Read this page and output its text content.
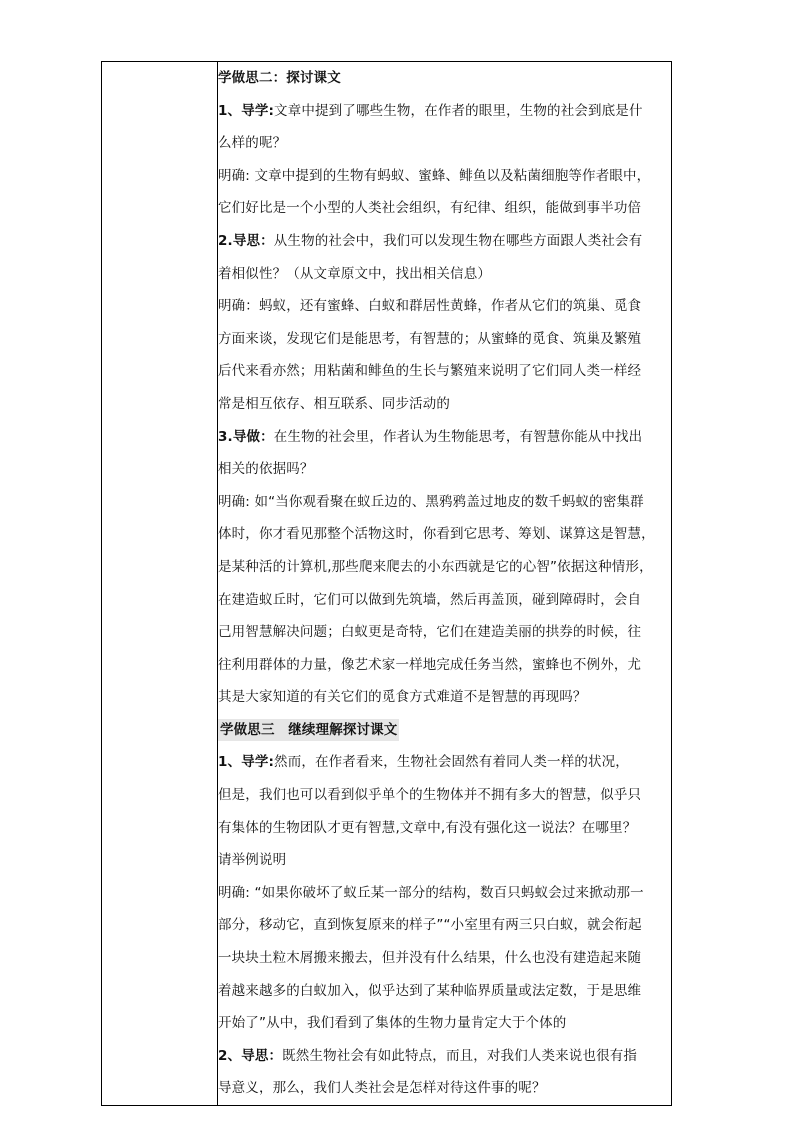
学做思二：探讨课文
1、导学:文章中提到了哪些生物，在作者的眼里，生物的社会到底是什
么样的呢？
明确: 文章中提到的生物有蚂蚁、蜜蜂、鲱鱼以及粘菌细胞等作者眼中，
它们好比是一个小型的人类社会组织，有纪律、组织，能做到事半功倍
2.导思：从生物的社会中，我们可以发现生物在哪些方面跟人类社会有
着相似性？（从文章原文中，找出相关信息）
明确：蚂蚁，还有蜜蜂、白蚁和群居性黄蜂，作者从它们的筑巢、觅食
方面来谈，发现它们是能思考，有智慧的；从蜜蜂的觅食、筑巢及繁殖
后代来看亦然；用粘菌和鲱鱼的生长与繁殖来说明了它们同人类一样经
常是相互依存、相互联系、同步活动的
3.导做：在生物的社会里，作者认为生物能思考，有智慧你能从中找出
相关的依据吗？
明确: 如“当你观看聚在蚁丘边的、黑鸦鸦盖过地皮的数千蚂蚁的密集群
体时，你才看见那整个活物这时，你看到它思考、筹划、谋算这是智慧，
是某种活的计算机,那些爬来爬去的小东西就是它的心智”依据这种情形，
在建造蚁丘时，它们可以做到先筑墙，然后再盖顶，碰到障碍时，会自
己用智慧解决问题；白蚁更是奇特，它们在建造美丽的拱券的时候，往
往利用群体的力量，像艺术家一样地完成任务当然，蜜蜂也不例外，尤
其是大家知道的有关它们的觅食方式难道不是智慧的再现吗？
学做思三　继续理解探讨课文
1、导学:然而，在作者看来，生物社会固然有着同人类一样的状况，
但是，我们也可以看到似乎单个的生物体并不拥有多大的智慧，似乎只
有集体的生物团队才更有智慧,文章中,有没有强化这一说法？在哪里？
请举例说明
明确: “如果你破坏了蚁丘某一部分的结构，数百只蚂蚁会过来掀动那一
部分，移动它，直到恢复原来的样子”“小室里有两三只白蚁，就会衔起
一块块土粒木屑搬来搬去，但并没有什么结果，什么也没有建造起来随
着越来越多的白蚁加入，似乎达到了某种临界质量或法定数，于是思维
开始了”从中，我们看到了集体的生物力量肯定大于个体的
2、导思：既然生物社会有如此特点，而且，对我们人类来说也很有指
导意义，那么，我们人类社会是怎样对待这件事的呢？
